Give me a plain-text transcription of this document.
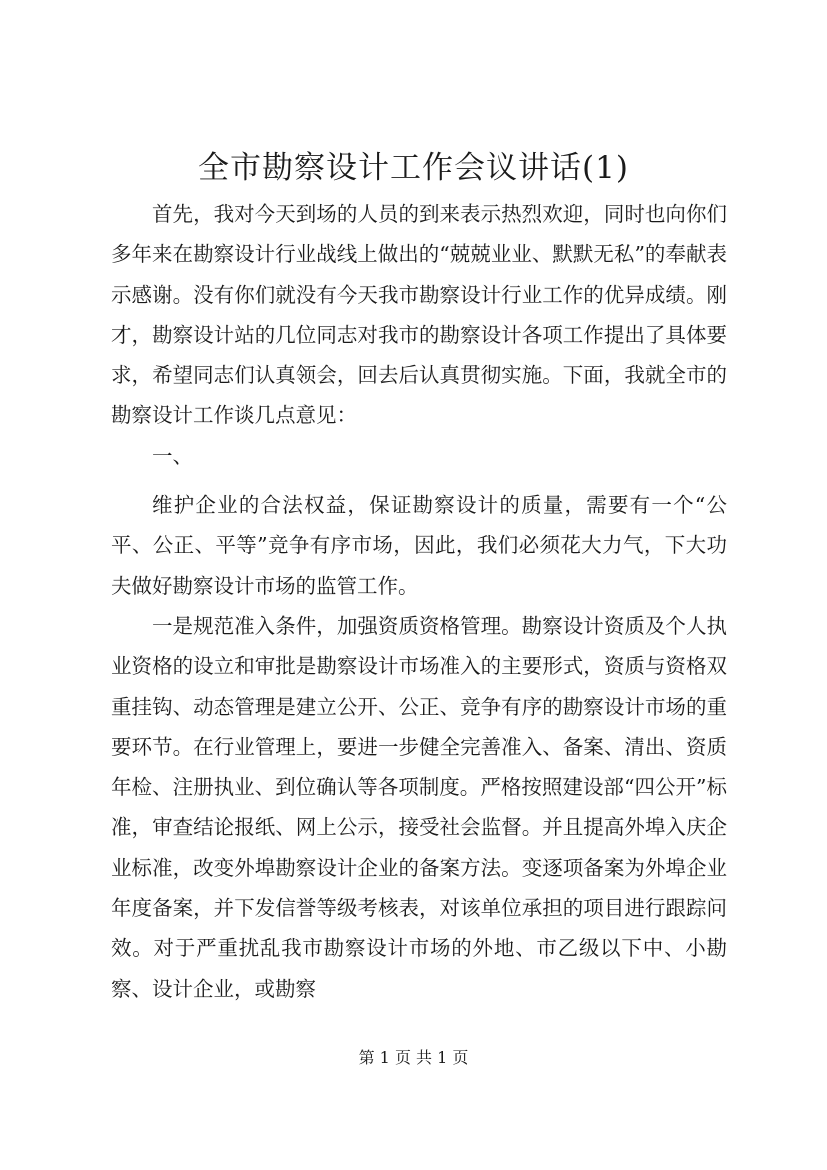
全市勘察设计工作会议讲话(1)

首先，我对今天到场的人员的到来表示热烈欢迎，同时也向你们多年来在勘察设计行业战线上做出的“兢兢业业、默默无私”的奉献表示感谢。没有你们就没有今天我市勘察设计行业工作的优异成绩。刚才，勘察设计站的几位同志对我市的勘察设计各项工作提出了具体要求，希望同志们认真领会，回去后认真贯彻实施。下面，我就全市的勘察设计工作谈几点意见：

一、

维护企业的合法权益，保证勘察设计的质量，需要有一个“公平、公正、平等”竞争有序市场，因此，我们必须花大力气，下大功夫做好勘察设计市场的监管工作。

一是规范准入条件，加强资质资格管理。勘察设计资质及个人执业资格的设立和审批是勘察设计市场准入的主要形式，资质与资格双重挂钩、动态管理是建立公开、公正、竞争有序的勘察设计市场的重要环节。在行业管理上，要进一步健全完善准入、备案、清出、资质年检、注册执业、到位确认等各项制度。严格按照建设部“四公开”标准，审查结论报纸、网上公示，接受社会监督。并且提高外埠入庆企业标准，改变外埠勘察设计企业的备案方法。变逐项备案为外埠企业年度备案，并下发信誉等级考核表，对该单位承担的项目进行跟踪问效。对于严重扰乱我市勘察设计市场的外地、市乙级以下中、小勘察、设计企业，或勘察

第 1 页 共 1 页
